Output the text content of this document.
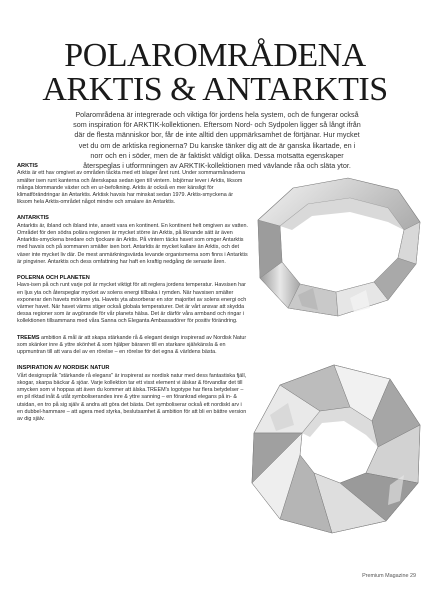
POLAROMRÅDENA
ARKTIS & ANTARKTIS
Polarområdena är integrerade och viktiga för jordens hela system, och de fungerar också som inspiration för ARKTIK-kollektionen. Eftersom Nord- och Sydpolen ligger så långt ifrån där de flesta människor bor, får de inte alltid den uppmärksamhet de förtjänar. Hur mycket vet du om de arktiska regionerna? Du kanske tänker dig att de är ganska likartade, en i norr och en i söder, men de är faktiskt väldigt olika. Dessa motsatta egenskaper återspeglas i utformningen av ARKTIK-kollektionen med vävlande råa och släta ytor.
ARKTIS

Arktis är ett hav omgivet av områden täckta med ett islager året runt. Under sommarmånaderna smälter isen runt kanterna och återskapas sedan igen till vintern. Isbjörnar lever i Arktis, liksom många blommande växter och en ur-befolkning. Arktis är också en mer känsligt för klimatförändringar än Antarktis. Arktisk havsis har minskat sedan 1979. Arktis-smyckena är liksom hela Arktis-området något mindre och smalare än Antarktis.

ANTARKTIS

Antarktis är, ibland och ibland inte, ansett vara en kontinent. En kontinent helt omgiven av vatten. Området för den södra polära regionen är mycket större än Arktis, på liknande sätt är även Antarktis-smyckena bredare och tjockare än Arktis. På vintern täcks havet som omger Antarktis med havsis och på sommaren smälter isen bort. Antarktis är mycket kallare än Arktis, och det växer inte mycket liv där. De mest anmärkningsvärda levande organismerna som finns i Antarktis är pingviner. Antarktis och dess omfattning har haft en kraftig nedgång de senaste åren.

POLERNA OCH PLANETEN

Havs-isen på och runt varje pol är mycket viktigt för att reglera jordens temperatur. Havsisen har en ljus yta och återspeglar mycket av solens energi tillbaka i rymden. När havsisen smälter exponerar den havets mörkare yta. Havets yta absorberar en stor majoritet av solens energi och värmer havet. När havet värms stiger också globala temperaturer. Det är vårt ansvar att skydda dessa regioner som är avgörande för vår planets hälsa. Det är därför våra armband och ringar i kollektionen tillsammans med våra Sanna och Eleganta Ambassadörer för positiv förändring.

TREEMS ambition & mål är att skapa stärkande rå & elegant design inspirerad av Nordisk Natur som skänker inre & yttre skönhet & som hjälper bäraren till en starkare självkänsla & en uppmuntran till att vara del av en rörelse – en rörelse för det egna & världens bästa.

INSPIRATION AV NORDISK NATUR

Vårt designspråk "stärkande rå elegans" är inspirerat av nordisk natur med dess fantastiska fjäll, skogar, skarpa bäckar & sjöar. Varje kollektion tar ett visst element vi älskar & förvandlar det till smycken som vi hoppas att även du kommer att älska.TREEM's logotype har flera betydelser – en pil riktad inåt & utåt symboliserandes inre & yttre sanning – en förankrad elegans på in- & utsidan, en tro på sig själv & andra att göra det bästa. Det symboliserar också ett nordiskt arv i en dubbel-hammare – att agera med styrka, beslutsamhet & ambition för att bli en bättre version av dig själv.

Premium Magazine 29
